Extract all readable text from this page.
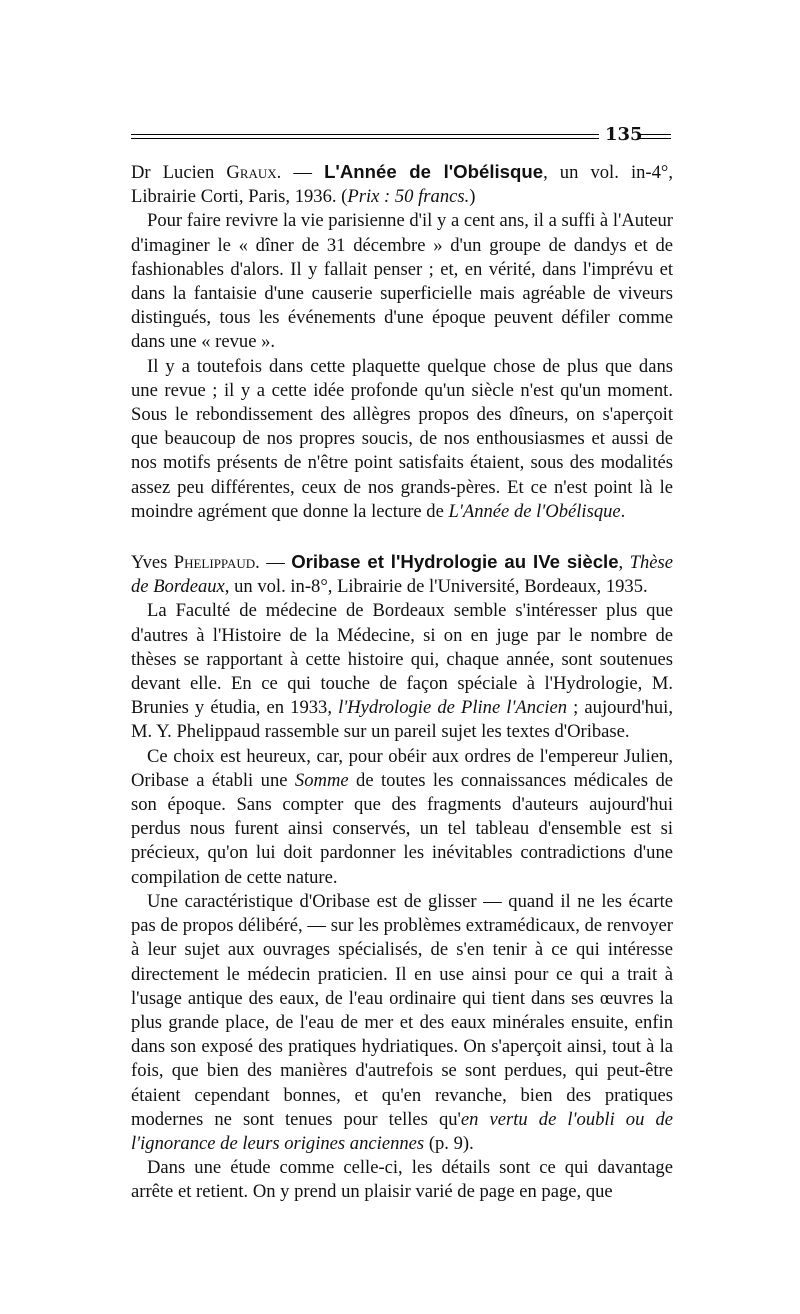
135

Dr Lucien Graux. — L'Année de l'Obélisque, un vol. in-4°, Librairie Corti, Paris, 1936. (Prix : 50 francs.)

Pour faire revivre la vie parisienne d'il y a cent ans, il a suffi à l'Auteur d'imaginer le « dîner de 31 décembre » d'un groupe de dandys et de fashionables d'alors. Il y fallait penser ; et, en vérité, dans l'imprévu et dans la fantaisie d'une causerie superficielle mais agréable de viveurs distingués, tous les événements d'une époque peuvent défiler comme dans une « revue ».

Il y a toutefois dans cette plaquette quelque chose de plus que dans une revue ; il y a cette idée profonde qu'un siècle n'est qu'un moment. Sous le rebondissement des allègres propos des dîneurs, on s'aperçoit que beaucoup de nos propres soucis, de nos enthousiasmes et aussi de nos motifs présents de n'être point satisfaits étaient, sous des modalités assez peu différentes, ceux de nos grands-pères. Et ce n'est point là le moindre agrément que donne la lecture de L'Année de l'Obélisque.

Yves Phelippaud. — Oribase et l'Hydrologie au IVe siècle, Thèse de Bordeaux, un vol. in-8°, Librairie de l'Université, Bordeaux, 1935.

La Faculté de médecine de Bordeaux semble s'intéresser plus que d'autres à l'Histoire de la Médecine, si on en juge par le nombre de thèses se rapportant à cette histoire qui, chaque année, sont soutenues devant elle. En ce qui touche de façon spéciale à l'Hydrologie, M. Brunies y étudia, en 1933, l'Hydrologie de Pline l'Ancien ; aujourd'hui, M. Y. Phelippaud rassemble sur un pareil sujet les textes d'Oribase.

Ce choix est heureux, car, pour obéir aux ordres de l'empereur Julien, Oribase a établi une Somme de toutes les connaissances médicales de son époque. Sans compter que des fragments d'auteurs aujourd'hui perdus nous furent ainsi conservés, un tel tableau d'ensemble est si précieux, qu'on lui doit pardonner les inévitables contradictions d'une compilation de cette nature.

Une caractéristique d'Oribase est de glisser — quand il ne les écarte pas de propos délibéré, — sur les problèmes extramédicaux, de renvoyer à leur sujet aux ouvrages spécialisés, de s'en tenir à ce qui intéresse directement le médecin praticien. Il en use ainsi pour ce qui a trait à l'usage antique des eaux, de l'eau ordinaire qui tient dans ses œuvres la plus grande place, de l'eau de mer et des eaux minérales ensuite, enfin dans son exposé des pratiques hydriatiques. On s'aperçoit ainsi, tout à la fois, que bien des manières d'autrefois se sont perdues, qui peut-être étaient cependant bonnes, et qu'en revanche, bien des pratiques modernes ne sont tenues pour telles qu'en vertu de l'oubli ou de l'ignorance de leurs origines anciennes (p. 9).

Dans une étude comme celle-ci, les détails sont ce qui davantage arrête et retient. On y prend un plaisir varié de page en page, que
